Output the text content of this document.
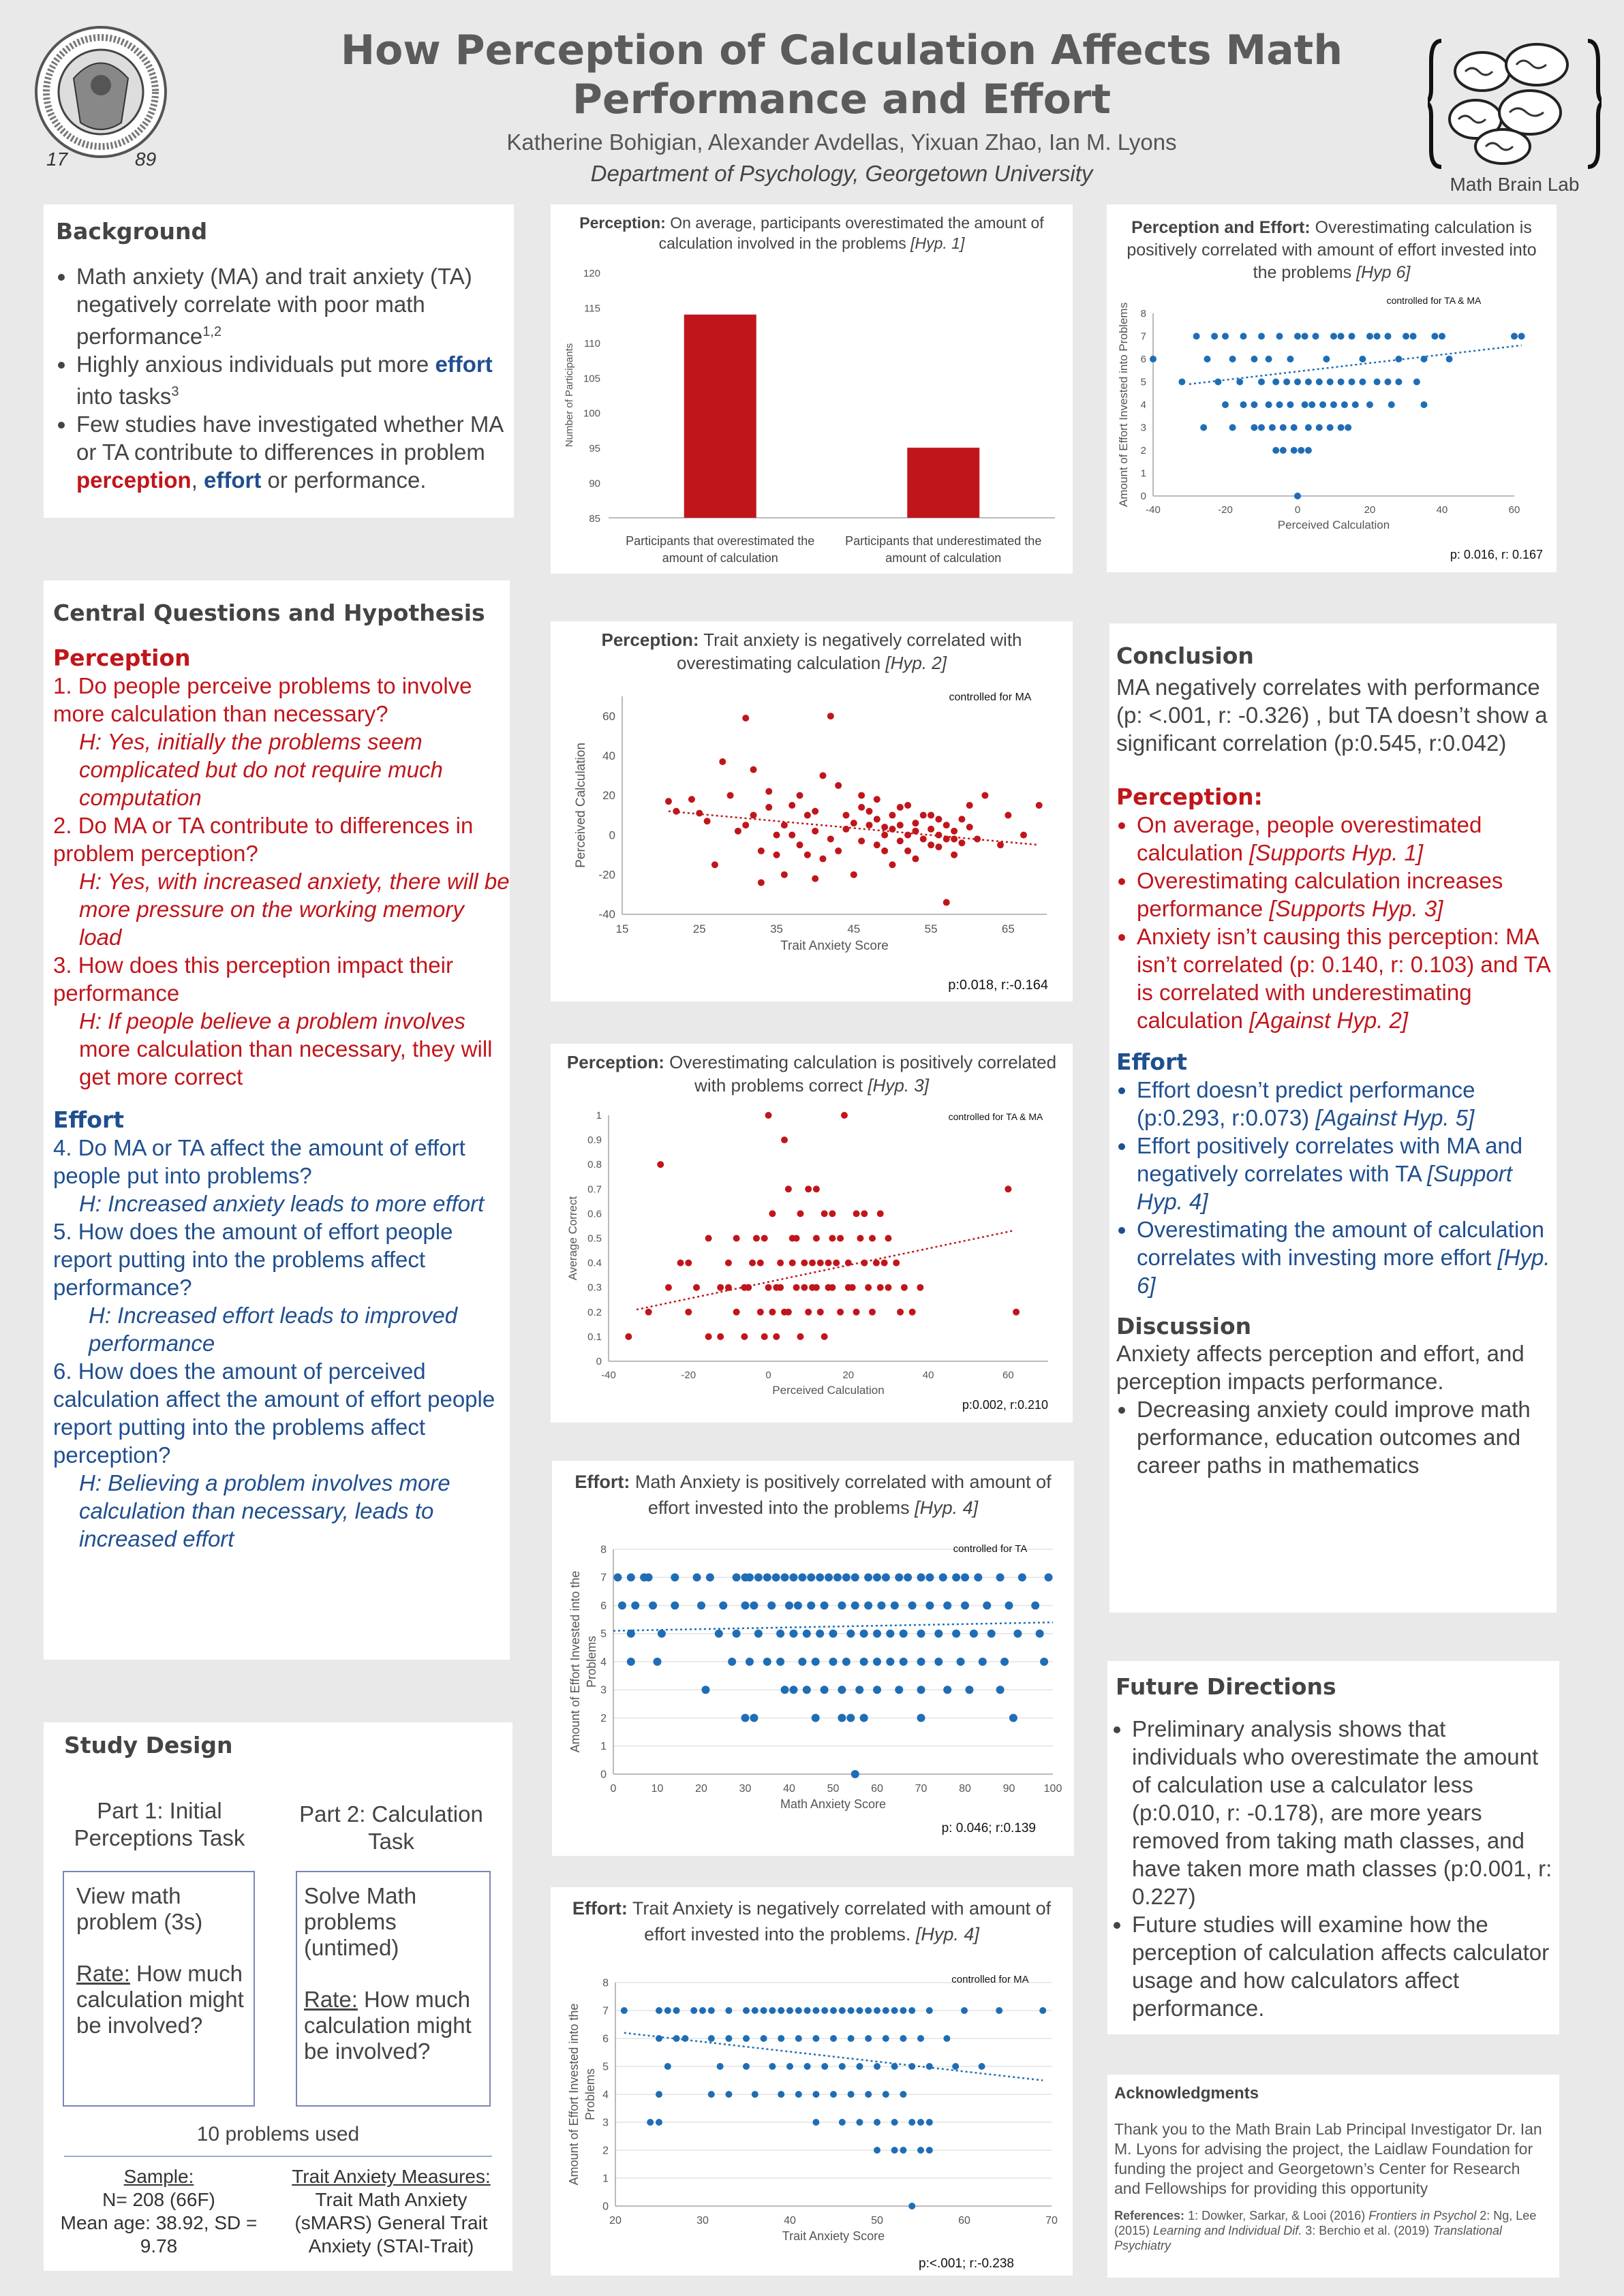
17	89
How Perception of Calculation Affects Math
Performance and Effort
Katherine Bohigian, Alexander Avdellas, Yixuan Zhao, Ian M. Lyons
Department of Psychology, Georgetown University	Math Brain Lab
Background
• Math anxiety (MA) and trait anxiety (TA) negatively correlate with poor math performance$^{1,2}$
• Highly anxious individuals put more effort into tasks$^3$
• Few studies have investigated whether MA or TA contribute to differences in problem perception, effort or performance.
Central Questions and Hypothesis
Perception

1. Do people perceive problems to involve more calculation than necessary?

H: Yes, initially the problems seem complicated but do not require much computation

2. Do MA or TA contribute to differences in problem perception?

H: Yes, with increased anxiety, there will be more pressure on the working memory load

3. How does this perception impact their performance

H: If people believe a problem involves more calculation than necessary, they will get more correct

Effort

4. Do MA or TA affect the amount of effort people put into problems?

H: Increased anxiety leads to more effort

5. How does the amount of effort people report putting into the problems affect performance?

H: Increased effort leads to improved performance

6. How does the amount of perceived calculation affect the amount of effort people report putting into the problems affect perception?

H: Believing a problem involves more calculation than necessary, leads to increased effort

Study Design
Part 1: Initial Perceptions Task
Part 2: Calculation Task
View math problem (3s)
Rate: How much calculation might be involved?
Solve Math problems (untimed)
Rate: How much calculation might be involved?
10 problems used
Sample:
N= 208 (66F)
Mean age: 38.92, SD = 9.78
Trait Anxiety Measures:
Trait Math Anxiety (sMARS) General Trait Anxiety (STAI-Trait)
Perception: On average, participants overestimated the amount of calculation involved in the problems [Hyp. 1]
85
90
95
100
105
110
115
120
Number of Participants
Participants that overestimated the
amount of calculation
Participants that underestimated the
amount of calculation
Perception and Effort: Overestimating calculation is positively correlated with amount of effort invested into the problems [Hyp 6]
-40	-20	0	20	40	60
0
1
2
3
4
5
6
7
8
Perceived Calculation
Amount of Effort Invested into Problems
controlled for TA & MA
p: 0.016, r: 0.167
Perception: Trait anxiety is negatively correlated with overestimating calculation [Hyp. 2]
15	25	35	45	55	65
-40
-20
0
20
40
60
Trait Anxiety Score
Perceived Calculation
controlled for MA
p:0.018, r:-0.164
Perception: Overestimating calculation is positively correlated with problems correct [Hyp. 3]
-40	-20	0	20	40	60
0
0.1
0.2
0.3
0.4
0.5
0.6
0.7
0.8
0.9
1
Perceived Calculation
Average Correct
controlled for TA & MA
p:0.002, r:0.210
Effort: Math Anxiety is positively correlated with amount of effort invested into the problems [Hyp. 4]
0	10	20	30	40	50	60	70	80	90	100
0
1
2
3
4
5
6
7
8
Math Anxiety Score
Amount of Effort Invested into the Problems
controlled for TA
p: 0.046; r:0.139
Effort: Trait Anxiety is negatively correlated with amount of effort invested into the problems. [Hyp. 4]
20	30	40	50	60	70
0
1
2
3
4
5
6
7
8
Trait Anxiety Score
Amount of Effort Invested into the Problems
controlled for MA
p:<.001; r:-0.238
Conclusion
MA negatively correlates with performance (p: <.001, r: -0.326) , but TA doesn’t show a significant correlation (p:0.545, r:0.042)
Perception:
• On average, people overestimated calculation [Supports Hyp. 1]
• Overestimating calculation increases performance [Supports Hyp. 3]
• Anxiety isn’t causing this perception: MA isn’t correlated (p: 0.140, r: 0.103) and TA is correlated with underestimating calculation [Against Hyp. 2]
Effort
• Effort doesn’t predict performance (p:0.293, r:0.073) [Against Hyp. 5]
• Effort positively correlates with MA and negatively correlates with TA [Support Hyp. 4]
• Overestimating the amount of calculation correlates with investing more effort [Hyp. 6]
Discussion
Anxiety affects perception and effort, and perception impacts performance.
• Decreasing anxiety could improve math performance, education outcomes and career paths in mathematics
Future Directions
• Preliminary analysis shows that individuals who overestimate the amount of calculation use a calculator less (p:0.010, r: -0.178), are more years removed from taking math classes, and have taken more math classes (p:0.001, r: 0.227)
• Future studies will examine how the perception of calculation affects calculator usage and how calculators affect performance.
Acknowledgments
Thank you to the Math Brain Lab Principal Investigator Dr. Ian M. Lyons for advising the project, the Laidlaw Foundation for funding the project and Georgetown’s Center for Research and Fellowships for providing this opportunity
References: 1: Dowker, Sarkar, & Looi (2016) Frontiers in Psychol 2: Ng, Lee (2015) Learning and Individual Dif. 3: Berchio et al. (2019) Translational Psychiatry
